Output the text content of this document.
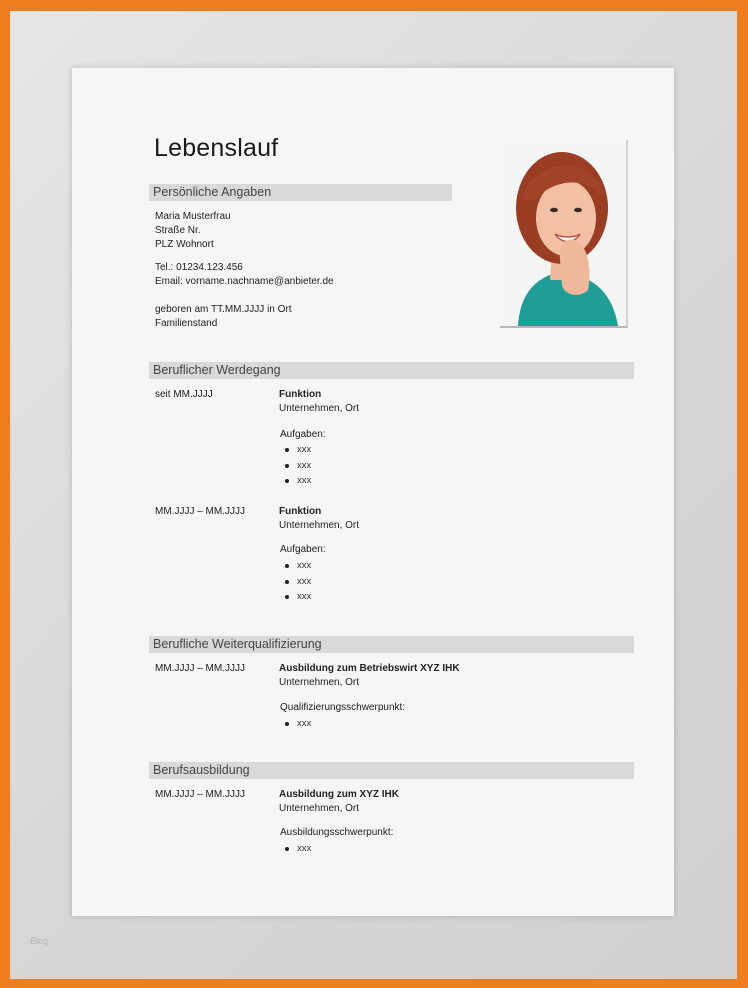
Blog
Lebenslauf
Persönliche Angaben
Maria Musterfrau
Straße Nr.
PLZ Wohnort
Tel.: 01234.123.456
Email: vorname.nachname@anbieter.de
geboren am TT.MM.JJJJ in Ort
Familienstand
Beruflicher Werdegang
seit MM.JJJJ	Funktion
Unternehmen, Ort
Aufgaben:
xxx
xxx
xxx
MM.JJJJ – MM.JJJJ	Funktion
Unternehmen, Ort
Aufgaben:
xxx
xxx
xxx
Berufliche Weiterqualifizierung
MM.JJJJ – MM.JJJJ	Ausbildung zum Betriebswirt XYZ IHK
Unternehmen, Ort
Qualifizierungsschwerpunkt:
xxx
Berufsausbildung
MM.JJJJ – MM.JJJJ	Ausbildung zum XYZ IHK
Unternehmen, Ort
Ausbildungsschwerpunkt:
xxx
